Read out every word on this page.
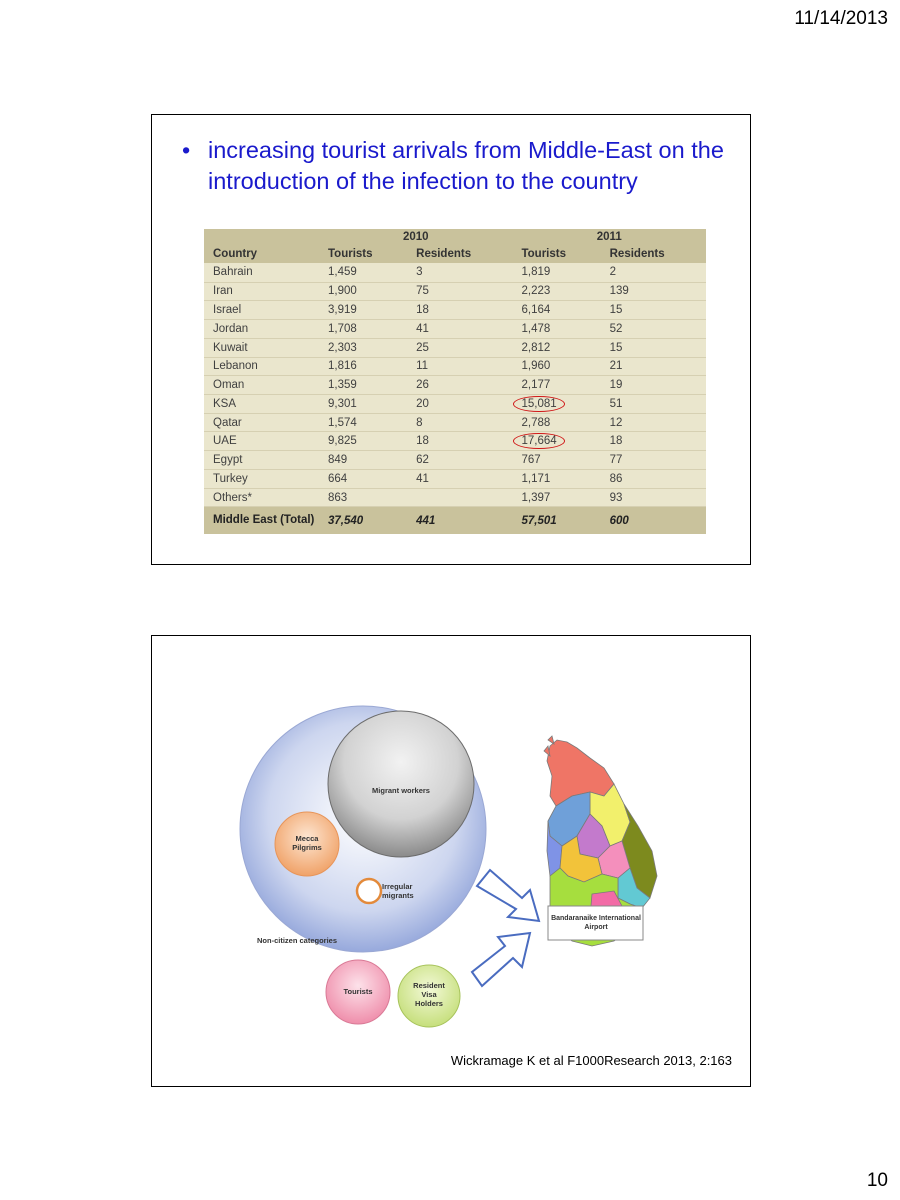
11/14/2013
• increasing tourist arrivals from Middle-East on the introduction of the infection to the country
	2010		2011	
Country	Tourists	Residents	Tourists	Residents
Bahrain	1,459	3	1,819	2
Iran	1,900	75	2,223	139
Israel	3,919	18	6,164	15
Jordan	1,708	41	1,478	52
Kuwait	2,303	25	2,812	15
Lebanon	1,816	11	1,960	21
Oman	1,359	26	2,177	19
KSA	9,301	20	15,081	51
Qatar	1,574	8	2,788	12
UAE	9,825	18	17,664	18
Egypt	849	62	767	77
Turkey	664	41	1,171	86
Others*	863		1,397	93
Middle East (Total)	37,540	441	57,501	600
Migrant workers
Mecca Pilgrims
Irregular migrants
Non-citizen categories
Tourists
Resident Visa Holders
Bandaranaike International Airport
Wickramage K et al F1000Research 2013, 2:163
10
